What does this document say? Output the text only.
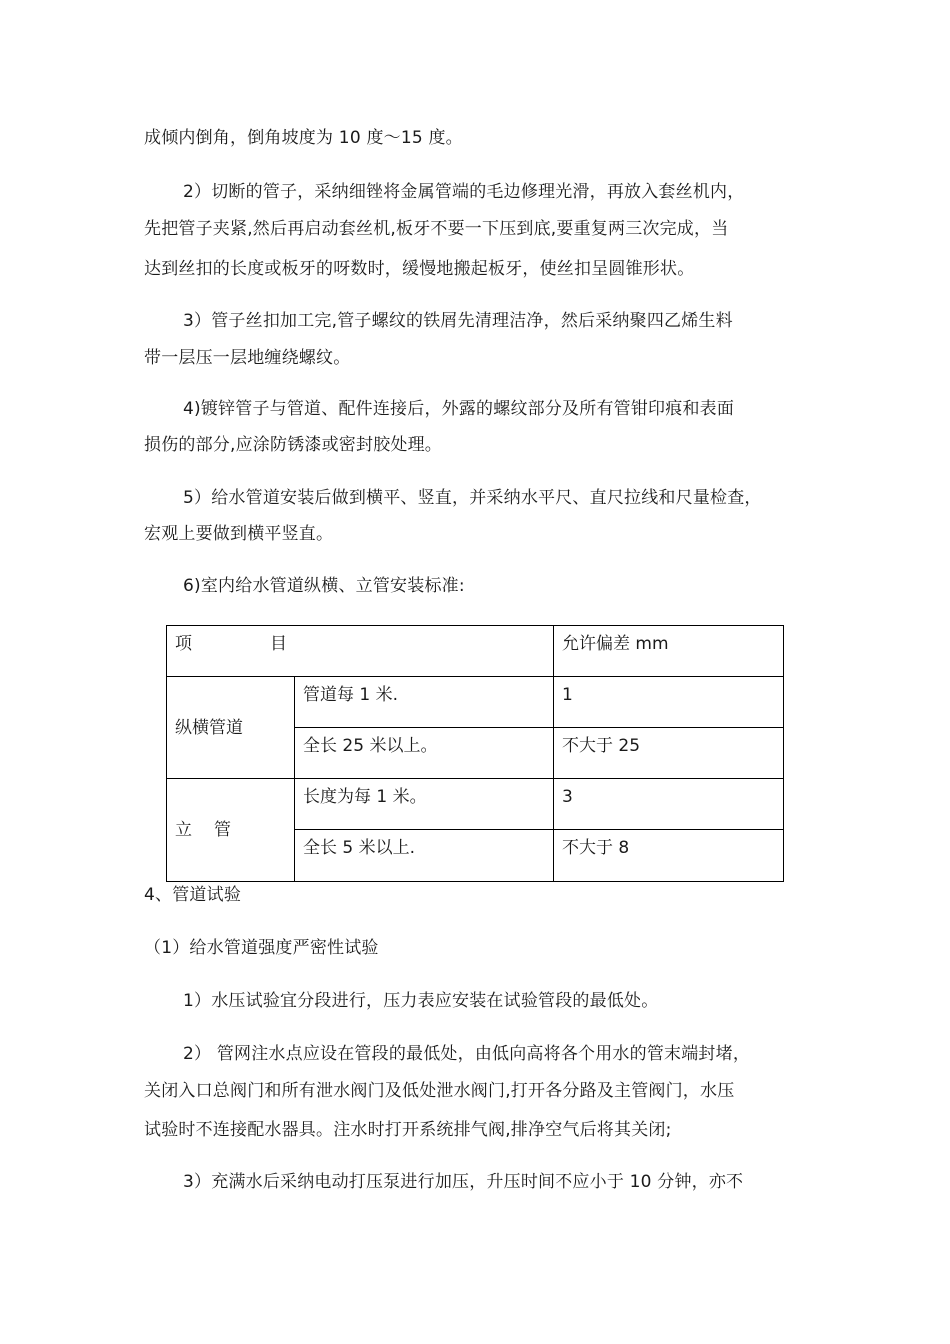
成倾内倒角，倒角坡度为 10 度～15 度。
2）切断的管子，采纳细锉将金属管端的毛边修理光滑，再放入套丝机内，
先把管子夹紧,然后再启动套丝机,板牙不要一下压到底,要重复两三次完成，当
达到丝扣的长度或板牙的呀数时，缓慢地搬起板牙，使丝扣呈圆锥形状。
3）管子丝扣加工完,管子螺纹的铁屑先清理洁净，然后采纳聚四乙烯生料
带一层压一层地缠绕螺纹。
4)镀锌管子与管道、配件连接后，外露的螺纹部分及所有管钳印痕和表面
损伤的部分,应涂防锈漆或密封胶处理。
5）给水管道安装后做到横平、竖直，并采纳水平尺、直尺拉线和尺量检查，
宏观上要做到横平竖直。
6)室内给水管道纵横、立管安装标准:
项 目		允许偏差 mm
纵横管道	管道每 1 米.	1
	全长 25 米以上。	不大于 25
立 管	长度为每 1 米。	3
	全长 5 米以上.	不大于 8
4、管道试验
（1）给水管道强度严密性试验
1）水压试验宜分段进行，压力表应安装在试验管段的最低处。
2） 管网注水点应设在管段的最低处，由低向高将各个用水的管末端封堵，
关闭入口总阀门和所有泄水阀门及低处泄水阀门,打开各分路及主管阀门，水压
试验时不连接配水器具。注水时打开系统排气阀,排净空气后将其关闭;
3）充满水后采纳电动打压泵进行加压，升压时间不应小于 10 分钟，亦不
